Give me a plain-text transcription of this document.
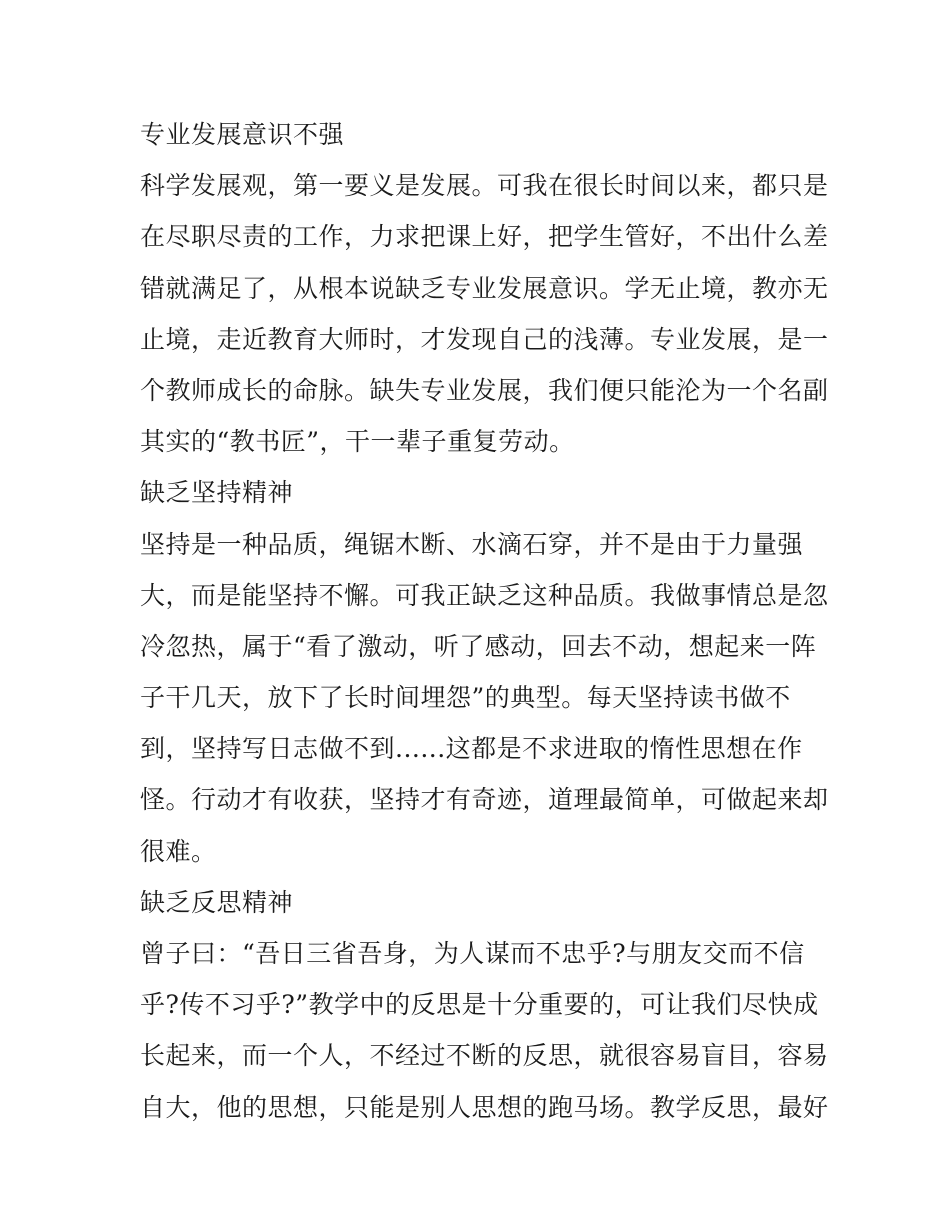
专业发展意识不强
科学发展观，第一要义是发展。可我在很长时间以来，都只是
在尽职尽责的工作，力求把课上好，把学生管好，不出什么差
错就满足了，从根本说缺乏专业发展意识。学无止境，教亦无
止境，走近教育大师时，才发现自己的浅薄。专业发展，是一
个教师成长的命脉。缺失专业发展，我们便只能沦为一个名副
其实的“教书匠”，干一辈子重复劳动。
缺乏坚持精神
坚持是一种品质，绳锯木断、水滴石穿，并不是由于力量强
大，而是能坚持不懈。可我正缺乏这种品质。我做事情总是忽
冷忽热，属于“看了激动，听了感动，回去不动，想起来一阵
子干几天，放下了长时间埋怨”的典型。每天坚持读书做不
到，坚持写日志做不到......这都是不求进取的惰性思想在作
怪。行动才有收获，坚持才有奇迹，道理最简单，可做起来却
很难。
缺乏反思精神
曾子曰：“吾日三省吾身，为人谋而不忠乎?与朋友交而不信
乎?传不习乎?”教学中的反思是十分重要的，可让我们尽快成
长起来，而一个人，不经过不断的反思，就很容易盲目，容易
自大，他的思想，只能是别人思想的跑马场。教学反思，最好
